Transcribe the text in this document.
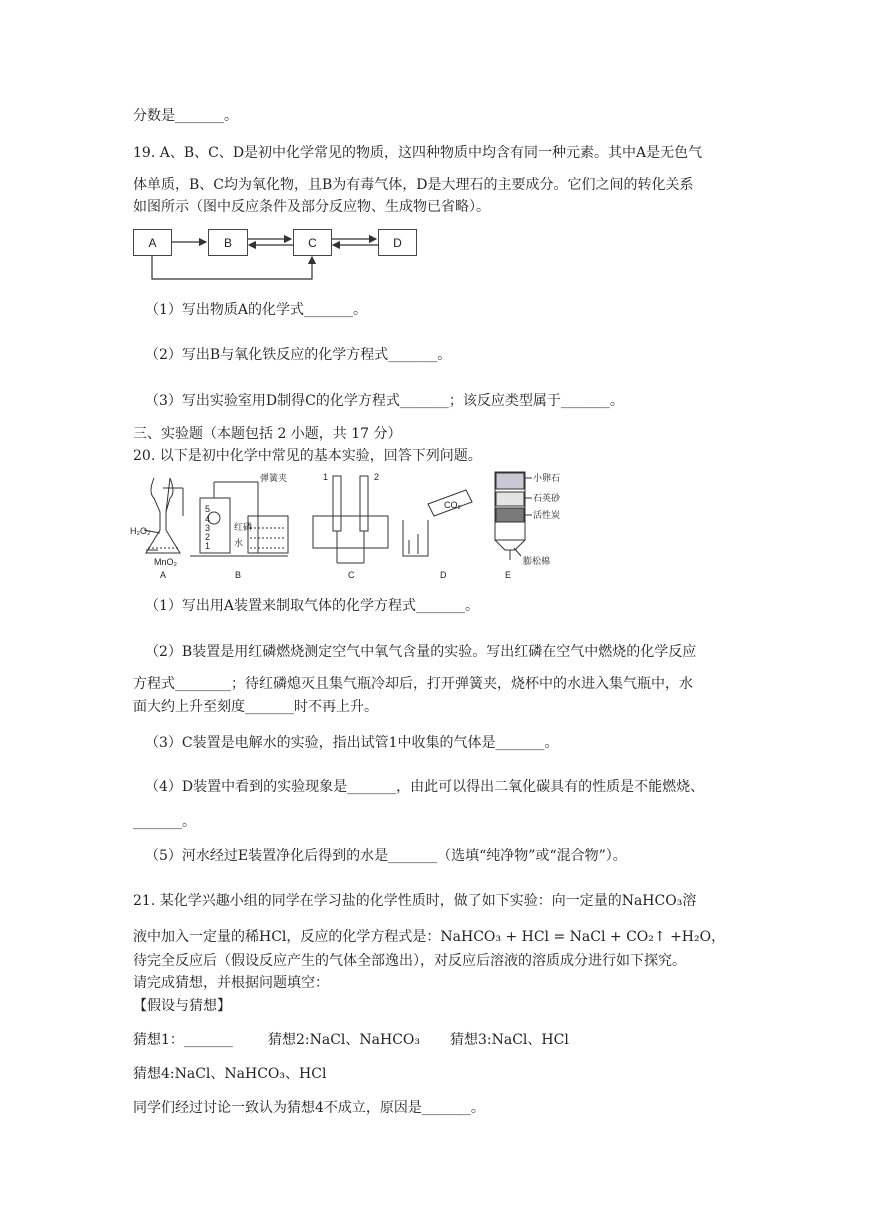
分数是_______。
19. A、B、C、D是初中化学常见的物质，这四种物质中均含有同一种元素。其中A是无色气
体单质，B、C均为氧化物，且B为有毒气体，D是大理石的主要成分。它们之间的转化关系
如图所示（图中反应条件及部分反应物、生成物已省略）。
A	B	C	D
（1）写出物质A的化学式_______。
（2）写出B与氧化铁反应的化学方程式_______。
（3）写出实验室用D制得C的化学方程式_______；该反应类型属于_______。
三、实验题（本题包括 2 小题，共 17 分）
20. 以下是初中化学中常见的基本实验，回答下列问题。
H₂O₂
MnO₂
A
5
4
3
2
1
弹簧夹
红磷
水
B
1	2
C
CO₂
D
小卵石
石英砂
活性炭
膨松棉
E
（1）写出用A装置来制取气体的化学方程式_______。
（2）B装置是用红磷燃烧测定空气中氧气含量的实验。写出红磷在空气中燃烧的化学反应
方程式________；待红磷熄灭且集气瓶冷却后，打开弹簧夹，烧杯中的水进入集气瓶中，水
面大约上升至刻度_______时不再上升。
（3）C装置是电解水的实验，指出试管1中收集的气体是_______。
（4）D装置中看到的实验现象是_______，由此可以得出二氧化碳具有的性质是不能燃烧、
_______。
（5）河水经过E装置净化后得到的水是_______（选填“纯净物”或“混合物”）。
21. 某化学兴趣小组的同学在学习盐的化学性质时，做了如下实验：向一定量的NaHCO₃溶
液中加入一定量的稀HCl，反应的化学方程式是：NaHCO₃ + HCl = NaCl + CO₂↑ +H₂O，
待完全反应后（假设反应产生的气体全部逸出），对反应后溶液的溶质成分进行如下探究。
请完成猜想，并根据问题填空：
【假设与猜想】
猜想1：_______	猜想2:NaCl、NaHCO₃ 猜想3:NaCl、HCl
猜想4:NaCl、NaHCO₃、HCl
同学们经过讨论一致认为猜想4不成立，原因是_______。
